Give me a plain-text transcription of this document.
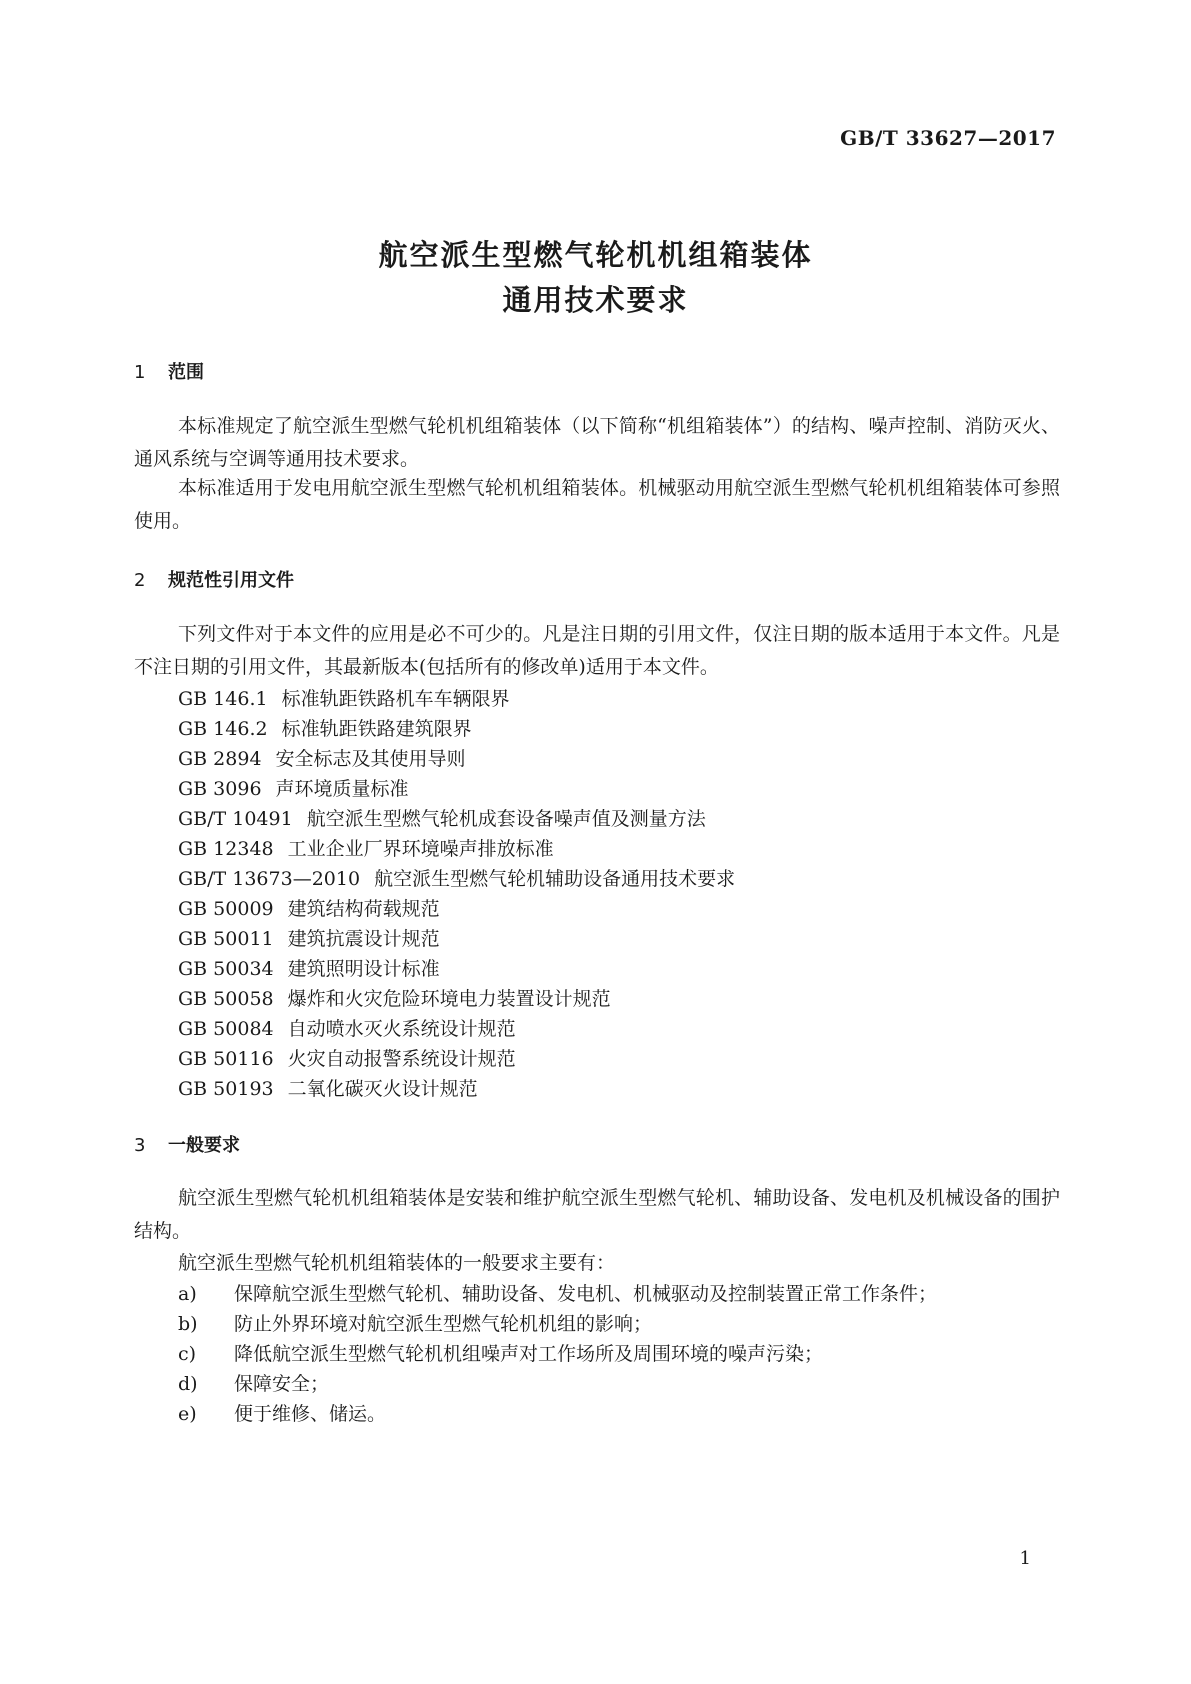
GB/T 33627—2017
航空派生型燃气轮机机组箱装体
通用技术要求
1 范围

本标准规定了航空派生型燃气轮机机组箱装体（以下简称“机组箱装体”）的结构、噪声控制、消防灭火、通风系统与空调等通用技术要求。

本标准适用于发电用航空派生型燃气轮机机组箱装体。机械驱动用航空派生型燃气轮机机组箱装体可参照使用。

2 规范性引用文件

下列文件对于本文件的应用是必不可少的。凡是注日期的引用文件，仅注日期的版本适用于本文件。凡是不注日期的引用文件，其最新版本(包括所有的修改单)适用于本文件。

GB 146.1 标准轨距铁路机车车辆限界
GB 146.2 标准轨距铁路建筑限界
GB 2894 安全标志及其使用导则
GB 3096 声环境质量标准
GB/T 10491 航空派生型燃气轮机成套设备噪声值及测量方法
GB 12348 工业企业厂界环境噪声排放标准
GB/T 13673—2010 航空派生型燃气轮机辅助设备通用技术要求
GB 50009 建筑结构荷载规范
GB 50011 建筑抗震设计规范
GB 50034 建筑照明设计标准
GB 50058 爆炸和火灾危险环境电力装置设计规范
GB 50084 自动喷水灭火系统设计规范
GB 50116 火灾自动报警系统设计规范
GB 50193 二氧化碳灭火设计规范
3 一般要求

航空派生型燃气轮机机组箱装体是安装和维护航空派生型燃气轮机、辅助设备、发电机及机械设备的围护结构。

航空派生型燃气轮机机组箱装体的一般要求主要有：
a) 保障航空派生型燃气轮机、辅助设备、发电机、机械驱动及控制装置正常工作条件；
b) 防止外界环境对航空派生型燃气轮机机组的影响；
c) 降低航空派生型燃气轮机机组噪声对工作场所及周围环境的噪声污染；
d) 保障安全；
e) 便于维修、储运。
1
